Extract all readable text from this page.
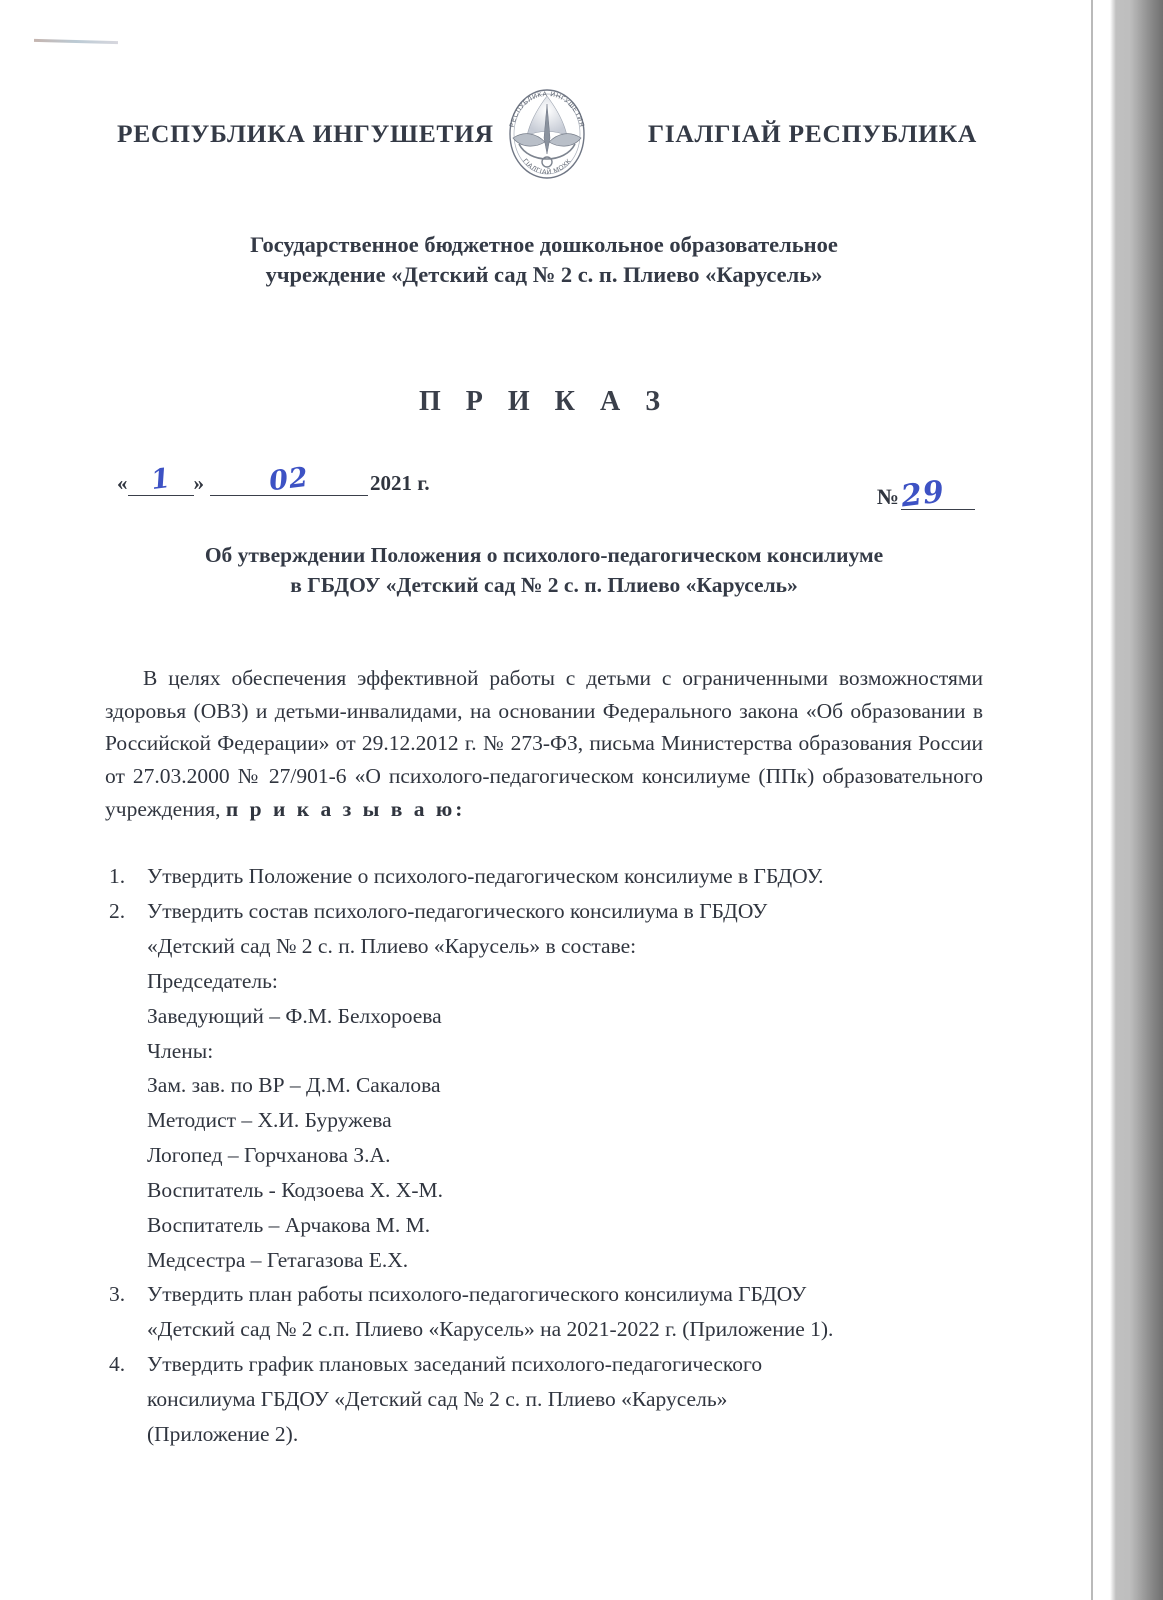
РЕСПУБЛИКА ИНГУШЕТИЯ	РЕСПУБЛИКА ИНГУШЕТИЯ
ГIАЛГIАЙ МОХК
ГIАЛГIАЙ РЕСПУБЛИКА
Государственное бюджетное дошкольное образовательное
учреждение «Детский сад № 2 с. п. Плиево «Карусель»
П Р И К А З
« 1	»	02	2021 г.
№ 29
Об утверждении Положения о психолого-педагогическом консилиуме
в ГБДОУ «Детский сад № 2 с. п. Плиево «Карусель»

В целях обеспечения эффективной работы с детьми с ограниченными возможностями здоровья (ОВЗ) и детьми-инвалидами, на основании Федерального закона «Об образовании в Российской Федерации» от 29.12.2012 г. № 273-ФЗ, письма Министерства образования России от 27.03.2000 № 27/901-6 «О психолого-педагогическом консилиуме (ППк) образовательного учреждения, п р и к а з ы в а ю:

1.	Утвердить Положение о психолого-педагогическом консилиуме в ГБДОУ.
2.	Утвердить состав психолого-педагогического консилиума в ГБДОУ
«Детский сад № 2 с. п. Плиево «Карусель» в составе:
Председатель:
Заведующий – Ф.М. Белхороева
Члены:
Зам. зав. по ВР – Д.М. Сакалова
Методист – Х.И. Буружева
Логопед – Горчханова З.А.
Воспитатель - Кодзоева Х. Х-М.
Воспитатель – Арчакова М. М.
Медсестра – Гетагазова Е.Х.
3.	Утвердить план работы психолого-педагогического консилиума ГБДОУ
«Детский сад № 2 с.п. Плиево «Карусель» на 2021-2022 г. (Приложение 1).
4.	Утвердить график плановых заседаний психолого-педагогического
консилиума ГБДОУ «Детский сад № 2 с. п. Плиево «Карусель»
(Приложение 2).
